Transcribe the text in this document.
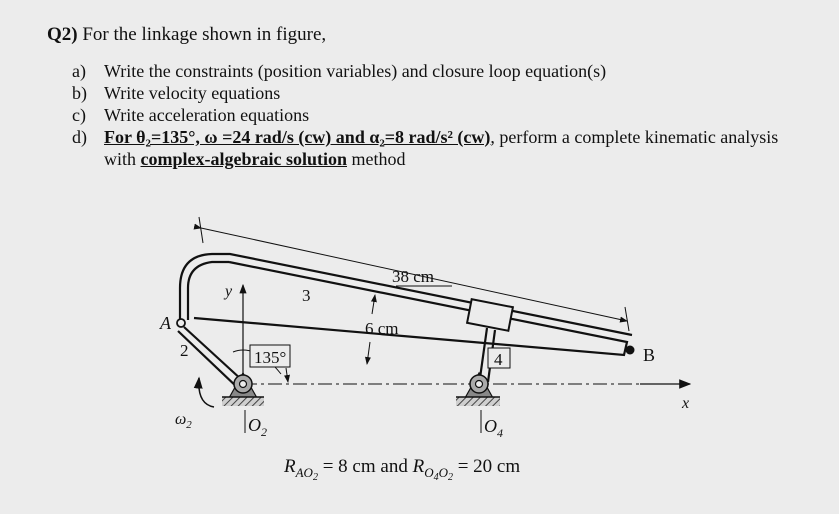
Q2) For the linkage shown in figure,
a)	Write the constraints (position variables) and closure loop equation(s)
b) Write velocity equations
c)	Write acceleration equations
d) For θ₂=135°, ω =24 rad/s (cw) and α₂=8 rad/s² (cw), perform a complete kinematic analysis with complex-algebraic solution method
38 cm
B
A
2
y	3
6 cm
x
135°
$O_2$
$\omega_2$
4
$O_4$
$R_{AO}2 = 8$ cm and $R_O4O2 = 20$ cm
